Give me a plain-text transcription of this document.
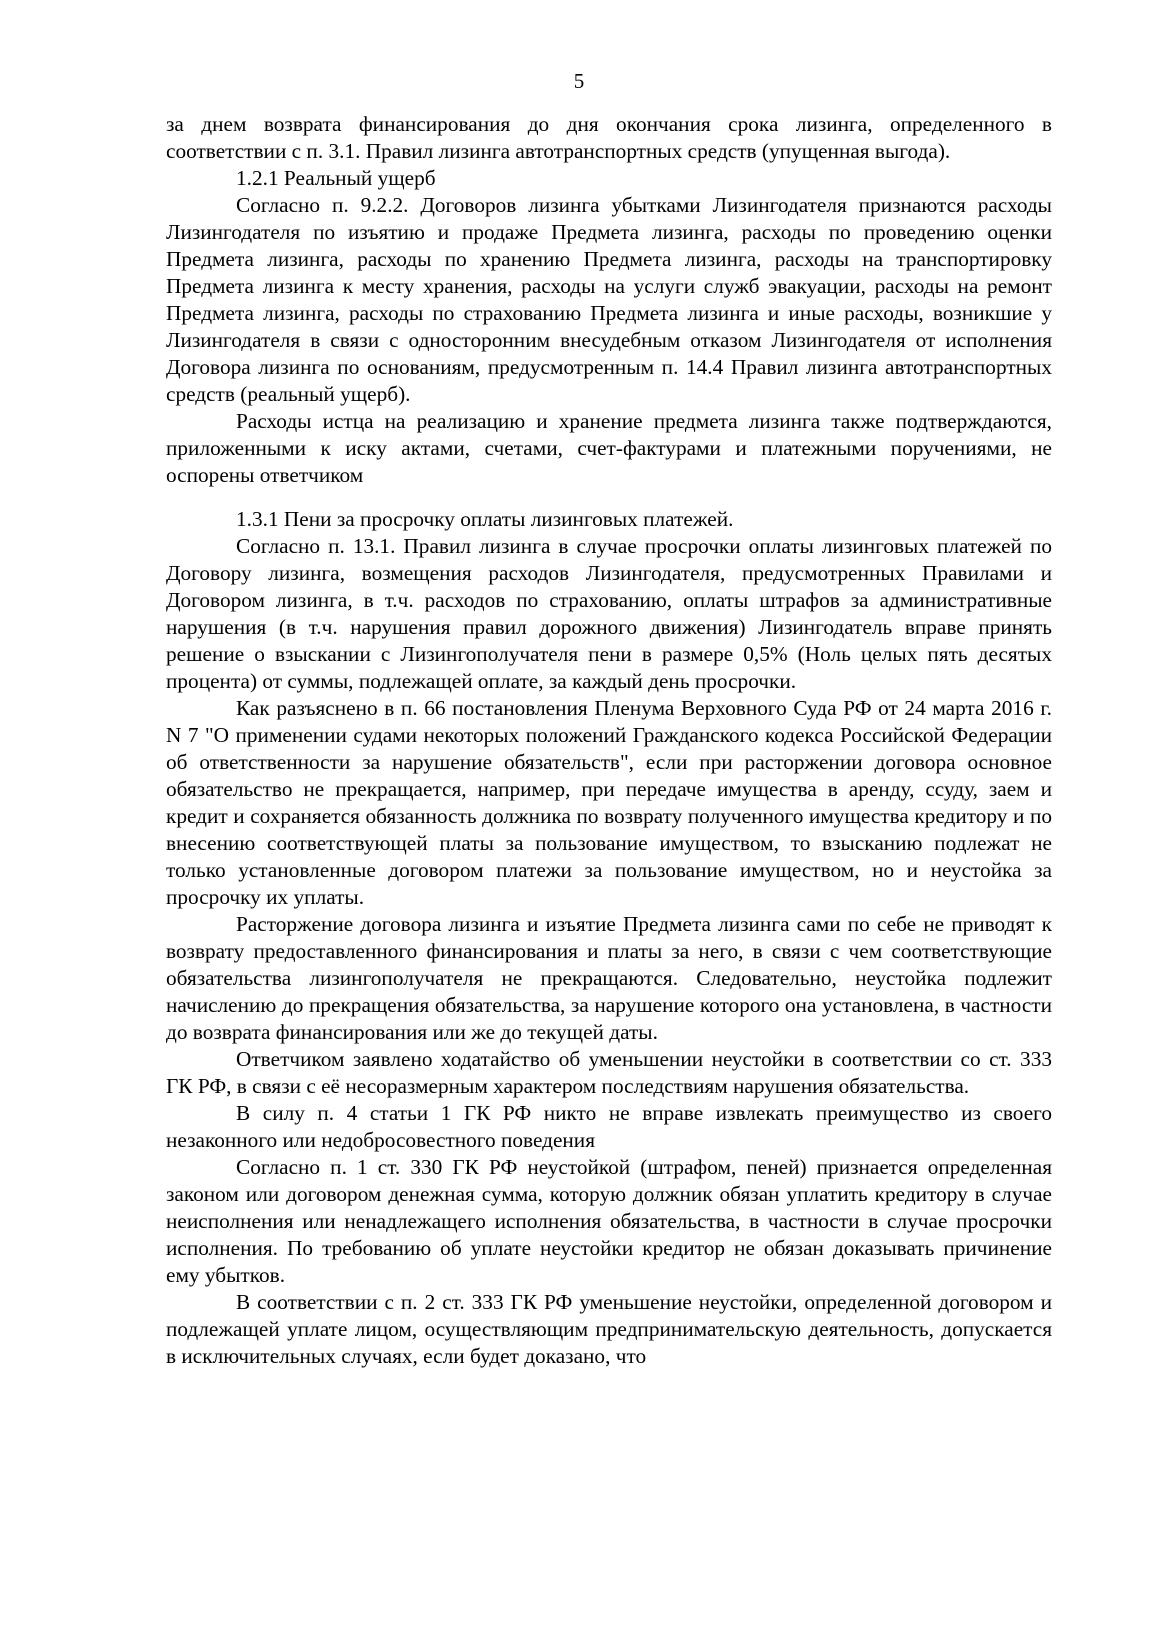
5

за днем возврата финансирования до дня окончания срока лизинга, определенного в соответствии с п. 3.1. Правил лизинга автотранспортных средств (упущенная выгода).

1.2.1 Реальный ущерб

Согласно п. 9.2.2. Договоров лизинга убытками Лизингодателя признаются расходы Лизингодателя по изъятию и продаже Предмета лизинга, расходы по проведению оценки Предмета лизинга, расходы по хранению Предмета лизинга, расходы на транспортировку Предмета лизинга к месту хранения, расходы на услуги служб эвакуации, расходы на ремонт Предмета лизинга, расходы по страхованию Предмета лизинга и иные расходы, возникшие у Лизингодателя в связи с односторонним внесудебным отказом Лизингодателя от исполнения Договора лизинга по основаниям, предусмотренным п. 14.4 Правил лизинга автотранспортных средств (реальный ущерб).

Расходы истца на реализацию и хранение предмета лизинга также подтверждаются, приложенными к иску актами, счетами, счет-фактурами и платежными поручениями, не оспорены ответчиком

1.3.1 Пени за просрочку оплаты лизинговых платежей.

Согласно п. 13.1. Правил лизинга в случае просрочки оплаты лизинговых платежей по Договору лизинга, возмещения расходов Лизингодателя, предусмотренных Правилами и Договором лизинга, в т.ч. расходов по страхованию, оплаты штрафов за административные нарушения (в т.ч. нарушения правил дорожного движения) Лизингодатель вправе принять решение о взыскании с Лизингополучателя пени в размере 0,5% (Ноль целых пять десятых процента) от суммы, подлежащей оплате, за каждый день просрочки.

Как разъяснено в п. 66 постановления Пленума Верховного Суда РФ от 24 марта 2016 г. N 7 "О применении судами некоторых положений Гражданского кодекса Российской Федерации об ответственности за нарушение обязательств", если при расторжении договора основное обязательство не прекращается, например, при передаче имущества в аренду, ссуду, заем и кредит и сохраняется обязанность должника по возврату полученного имущества кредитору и по внесению соответствующей платы за пользование имуществом, то взысканию подлежат не только установленные договором платежи за пользование имуществом, но и неустойка за просрочку их уплаты.

Расторжение договора лизинга и изъятие Предмета лизинга сами по себе не приводят к возврату предоставленного финансирования и платы за него, в связи с чем соответствующие обязательства лизингополучателя не прекращаются. Следовательно, неустойка подлежит начислению до прекращения обязательства, за нарушение которого она установлена, в частности до возврата финансирования или же до текущей даты.

Ответчиком заявлено ходатайство об уменьшении неустойки в соответствии со ст. 333 ГК РФ, в связи с её несоразмерным характером последствиям нарушения обязательства.

В силу п. 4 статьи 1 ГК РФ никто не вправе извлекать преимущество из своего незаконного или недобросовестного поведения

Согласно п. 1 ст. 330 ГК РФ неустойкой (штрафом, пеней) признается определенная законом или договором денежная сумма, которую должник обязан уплатить кредитору в случае неисполнения или ненадлежащего исполнения обязательства, в частности в случае просрочки исполнения. По требованию об уплате неустойки кредитор не обязан доказывать причинение ему убытков.

В соответствии с п. 2 ст. 333 ГК РФ уменьшение неустойки, определенной договором и подлежащей уплате лицом, осуществляющим предпринимательскую деятельность, допускается в исключительных случаях, если будет доказано, что
